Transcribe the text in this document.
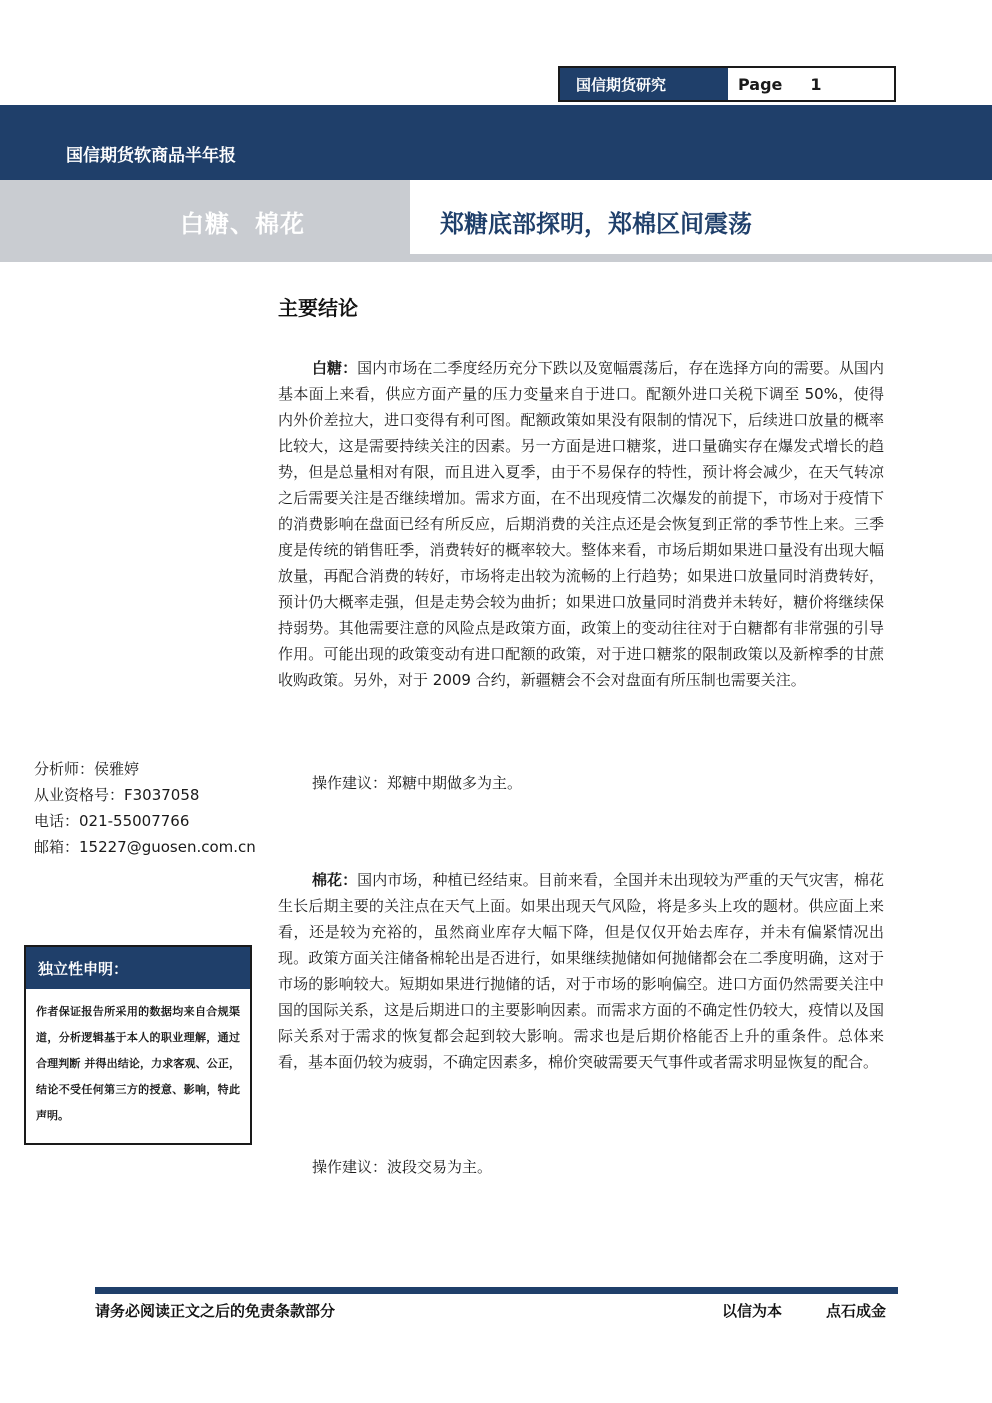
国信期货研究	Page 1
国信期货软商品半年报
白糖、棉花	郑糖底部探明，郑棉区间震荡
2020 年 6 月 28 日
主要结论
白糖：国内市场在二季度经历充分下跌以及宽幅震荡后，存在选择方向的需要。从国内基本面上来看，供应方面产量的压力变量来自于进口。配额外进口关税下调至 50%，使得内外价差拉大，进口变得有利可图。配额政策如果没有限制的情况下，后续进口放量的概率比较大，这是需要持续关注的因素。另一方面是进口糖浆，进口量确实存在爆发式增长的趋势，但是总量相对有限，而且进入夏季，由于不易保存的特性，预计将会减少，在天气转凉之后需要关注是否继续增加。需求方面，在不出现疫情二次爆发的前提下，市场对于疫情下的消费影响在盘面已经有所反应，后期消费的关注点还是会恢复到正常的季节性上来。三季度是传统的销售旺季，消费转好的概率较大。整体来看，市场后期如果进口量没有出现大幅放量，再配合消费的转好，市场将走出较为流畅的上行趋势；如果进口放量同时消费转好，预计仍大概率走强，但是走势会较为曲折；如果进口放量同时消费并未转好，糖价将继续保持弱势。其他需要注意的风险点是政策方面，政策上的变动往往对于白糖都有非常强的引导作用。可能出现的政策变动有进口配额的政策，对于进口糖浆的限制政策以及新榨季的甘蔗收购政策。另外，对于 2009 合约，新疆糖会不会对盘面有所压制也需要关注。
操作建议：郑糖中期做多为主。
棉花：国内市场，种植已经结束。目前来看，全国并未出现较为严重的天气灾害，棉花生长后期主要的关注点在天气上面。如果出现天气风险，将是多头上攻的题材。供应面上来看，还是较为充裕的，虽然商业库存大幅下降，但是仅仅开始去库存，并未有偏紧情况出现。政策方面关注储备棉轮出是否进行，如果继续抛储如何抛储都会在二季度明确，这对于市场的影响较大。短期如果进行抛储的话，对于市场的影响偏空。进口方面仍然需要关注中国的国际关系，这是后期进口的主要影响因素。而需求方面的不确定性仍较大，疫情以及国际关系对于需求的恢复都会起到较大影响。需求也是后期价格能否上升的重条件。总体来看，基本面仍较为疲弱，不确定因素多，棉价突破需要天气事件或者需求明显恢复的配合。
操作建议：波段交易为主。
分析师：侯雅婷
从业资格号：F3037058
电话：021-55007766
邮箱：15227@guosen.com.cn
独立性申明：
作者保证报告所采用的数据均来自合规渠道，分析逻辑基于本人的职业理解，通过合理判断 并得出结论，力求客观、公正，结论不受任何第三方的授意、影响，特此声明。
请务必阅读正文之后的免责条款部分	以信为本	点石成金
